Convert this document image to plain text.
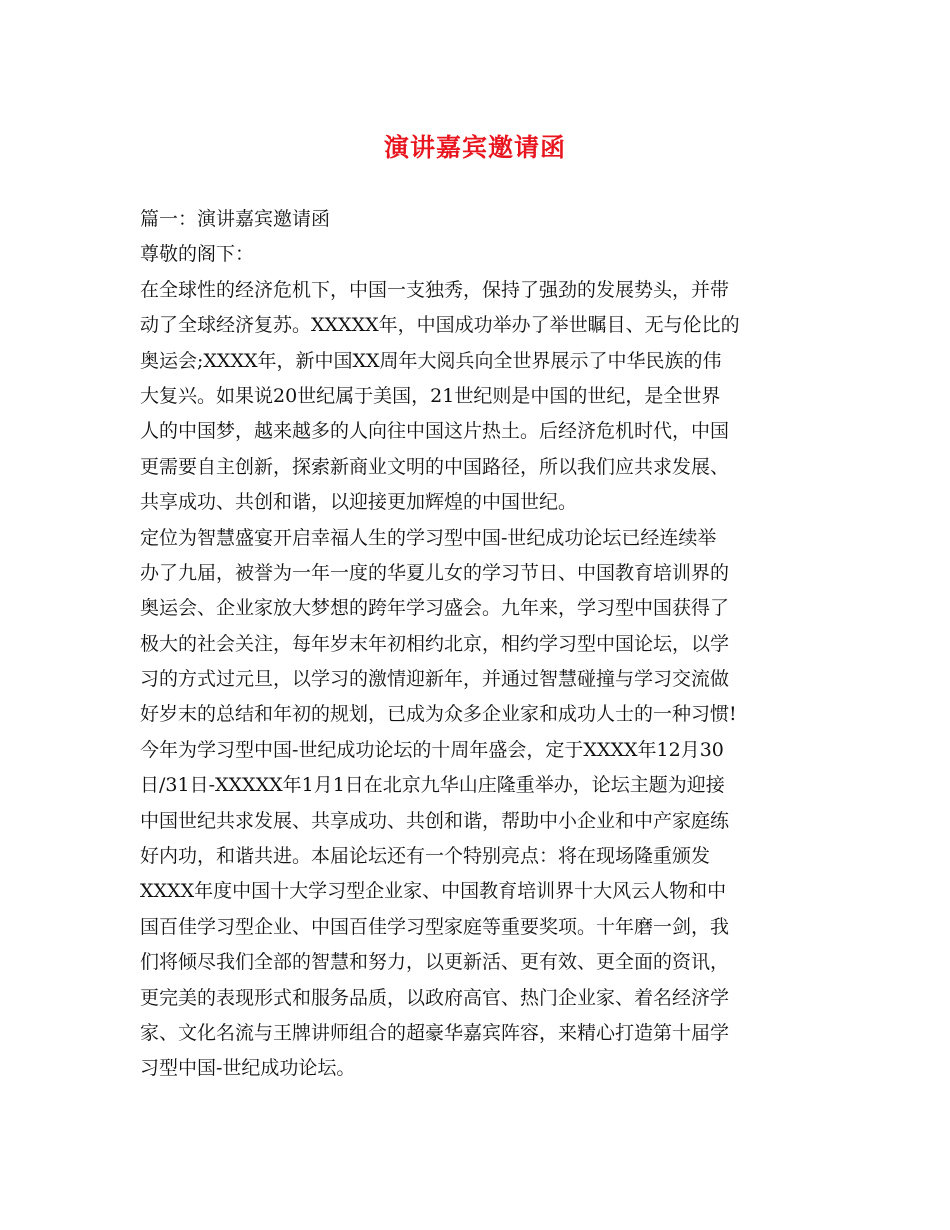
演讲嘉宾邀请函
篇一：演讲嘉宾邀请函
尊敬的阁下：
在全球性的经济危机下，中国一支独秀，保持了强劲的发展势头，并带
动了全球经济复苏。XXXXX年，中国成功举办了举世瞩目、无与伦比的
奥运会;XXXX年，新中国XX周年大阅兵向全世界展示了中华民族的伟
大复兴。如果说20世纪属于美国，21世纪则是中国的世纪，是全世界
人的中国梦，越来越多的人向往中国这片热土。后经济危机时代，中国
更需要自主创新，探索新商业文明的中国路径，所以我们应共求发展、
共享成功、共创和谐，以迎接更加辉煌的中国世纪。
定位为智慧盛宴开启幸福人生的学习型中国-世纪成功论坛已经连续举
办了九届，被誉为一年一度的华夏儿女的学习节日、中国教育培训界的
奥运会、企业家放大梦想的跨年学习盛会。九年来，学习型中国获得了
极大的社会关注，每年岁末年初相约北京，相约学习型中国论坛，以学
习的方式过元旦，以学习的激情迎新年，并通过智慧碰撞与学习交流做
好岁末的总结和年初的规划，已成为众多企业家和成功人士的一种习惯!
今年为学习型中国-世纪成功论坛的十周年盛会，定于XXXX年12月30
日/31日-XXXXX年1月1日在北京九华山庄隆重举办，论坛主题为迎接
中国世纪共求发展、共享成功、共创和谐，帮助中小企业和中产家庭练
好内功，和谐共进。本届论坛还有一个特别亮点：将在现场隆重颁发
XXXX年度中国十大学习型企业家、中国教育培训界十大风云人物和中
国百佳学习型企业、中国百佳学习型家庭等重要奖项。十年磨一剑，我
们将倾尽我们全部的智慧和努力，以更新活、更有效、更全面的资讯，
更完美的表现形式和服务品质，以政府高官、热门企业家、着名经济学
家、文化名流与王牌讲师组合的超豪华嘉宾阵容，来精心打造第十届学
习型中国-世纪成功论坛。
